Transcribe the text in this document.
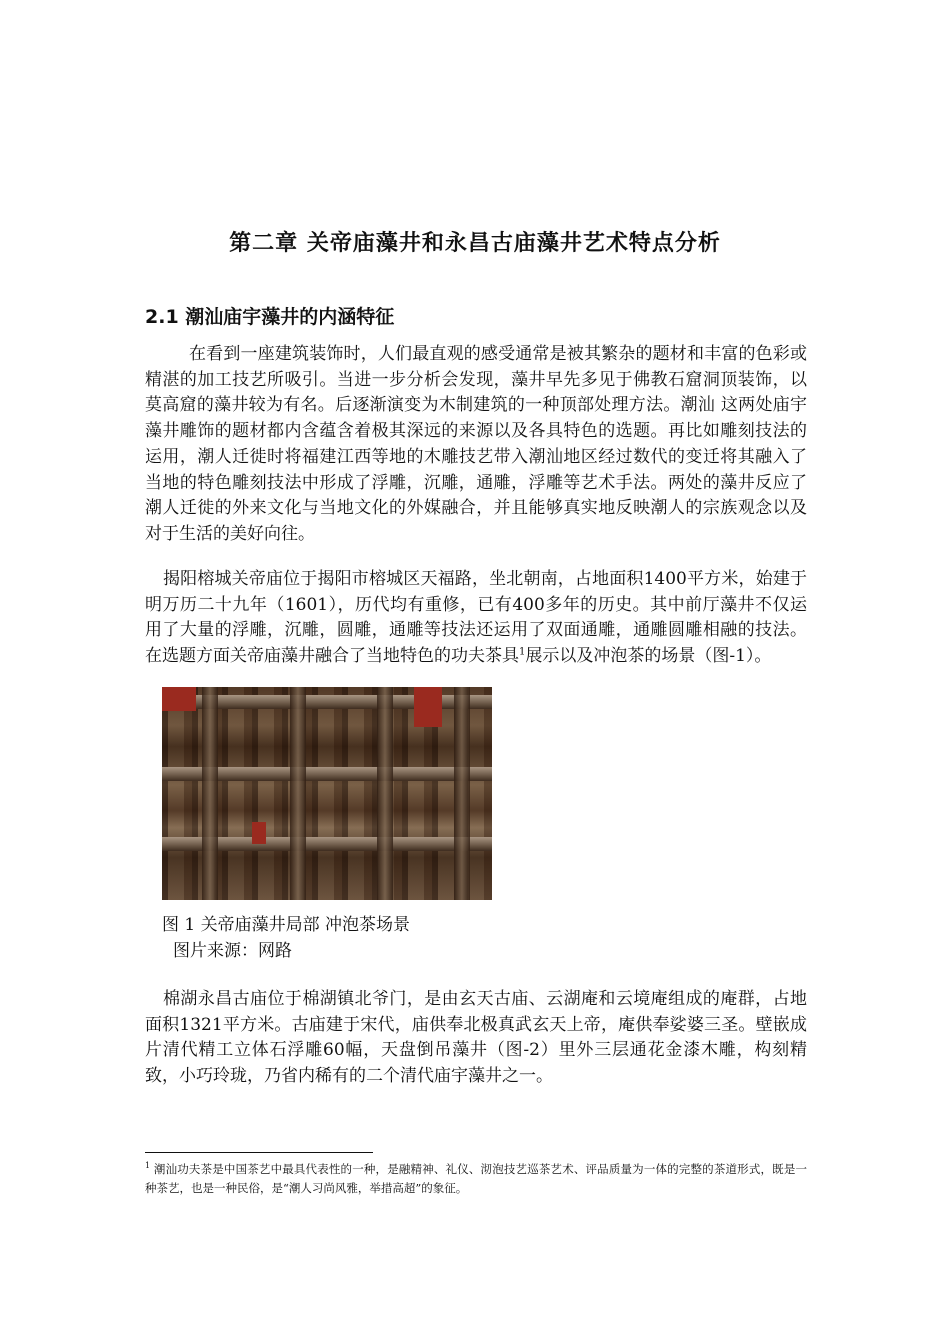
第二章 关帝庙藻井和永昌古庙藻井艺术特点分析
2.1 潮汕庙宇藻井的内涵特征

在看到一座建筑装饰时，人们最直观的感受通常是被其繁杂的题材和丰富的色彩或精湛的加工技艺所吸引。当进一步分析会发现，藻井早先多见于佛教石窟洞顶装饰，以莫高窟的藻井较为有名。后逐渐演变为木制建筑的一种顶部处理方法。潮汕 这两处庙宇藻井雕饰的题材都内含蕴含着极其深远的来源以及各具特色的选题。再比如雕刻技法的运用，潮人迁徙时将福建江西等地的木雕技艺带入潮汕地区经过数代的变迁将其融入了当地的特色雕刻技法中形成了浮雕，沉雕，通雕，浮雕等艺术手法。两处的藻井反应了潮人迁徙的外来文化与当地文化的外媒融合，并且能够真实地反映潮人的宗族观念以及对于生活的美好向往。

揭阳榕城关帝庙位于揭阳市榕城区天福路，坐北朝南，占地面积1400平方米，始建于明万历二十九年（1601），历代均有重修，已有400多年的历史。其中前厅藻井不仅运用了大量的浮雕，沉雕，圆雕，通雕等技法还运用了双面通雕，通雕圆雕相融的技法。在选题方面关帝庙藻井融合了当地特色的功夫茶具$^1$展示以及冲泡茶的场景（图-1）。

图 1 关帝庙藻井局部 冲泡茶场景
图片来源：网路

棉湖永昌古庙位于棉湖镇北爷门，是由玄天古庙、云湖庵和云境庵组成的庵群，占地面积1321平方米。古庙建于宋代，庙供奉北极真武玄天上帝，庵供奉娑婆三圣。壁嵌成片清代精工立体石浮雕60幅，天盘倒吊藻井（图-2）里外三层通花金漆木雕，构刻精致，小巧玲珑，乃省内稀有的二个清代庙宇藻井之一。

$^1$ 潮汕功夫茶是中国茶艺中最具代表性的一种，是融精神、礼仪、沏泡技艺巡茶艺术、评品质量为一体的完整的茶道形式，既是一种茶艺，也是一种民俗，是“潮人习尚风雅，举措高超”的象征。
